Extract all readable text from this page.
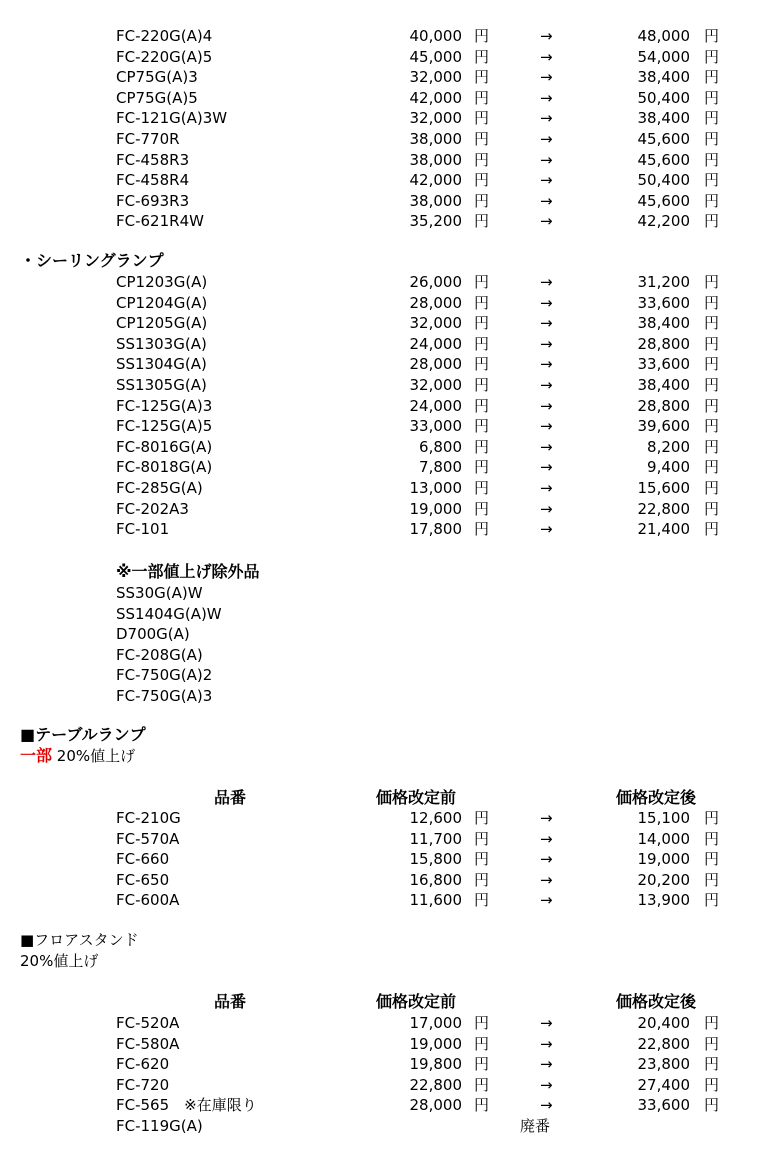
FC-220G(A)4	40,000 円	→	48,000 円
FC-220G(A)5	45,000 円	→	54,000 円
CP75G(A)3	32,000 円	→	38,400 円
CP75G(A)5	42,000 円	→	50,400 円
FC-121G(A)3W	32,000 円	→	38,400 円
FC-770R	38,000 円	→	45,600 円
FC-458R3	38,000 円	→	45,600 円
FC-458R4	42,000 円	→	50,400 円
FC-693R3	38,000 円	→	45,600 円
FC-621R4W	35,200 円	→	42,200 円
・シーリングランプ
CP1203G(A)	26,000 円	→	31,200 円
CP1204G(A)	28,000 円	→	33,600 円
CP1205G(A)	32,000 円	→	38,400 円
SS1303G(A)	24,000 円	→	28,800 円
SS1304G(A)	28,000 円	→	33,600 円
SS1305G(A)	32,000 円	→	38,400 円
FC-125G(A)3	24,000 円	→	28,800 円
FC-125G(A)5	33,000 円	→	39,600 円
FC-8016G(A)	6,800 円	→	8,200 円
FC-8018G(A)	7,800 円	→	9,400 円
FC-285G(A)	13,000 円	→	15,600 円
FC-202A3	19,000 円	→	22,800 円
FC-101	17,800 円	→	21,400 円
※一部値上げ除外品
SS30G(A)W
SS1404G(A)W
D700G(A)
FC-208G(A)
FC-750G(A)2
FC-750G(A)3
■テーブルランプ
一部 20%値上げ
品番	価格改定前	価格改定後
FC-210G	12,600 円	→	15,100 円
FC-570A	11,700 円	→	14,000 円
FC-660	15,800 円	→	19,000 円
FC-650	16,800 円	→	20,200 円
FC-600A	11,600 円	→	13,900 円
■フロアスタンド
20%値上げ
品番	価格改定前	価格改定後
FC-520A	17,000 円	→	20,400 円
FC-580A	19,000 円	→	22,800 円
FC-620	19,800 円	→	23,800 円
FC-720	22,800 円	→	27,400 円
FC-565　※在庫限り	28,000 円	→	33,600 円
FC-119G(A)	廃番
